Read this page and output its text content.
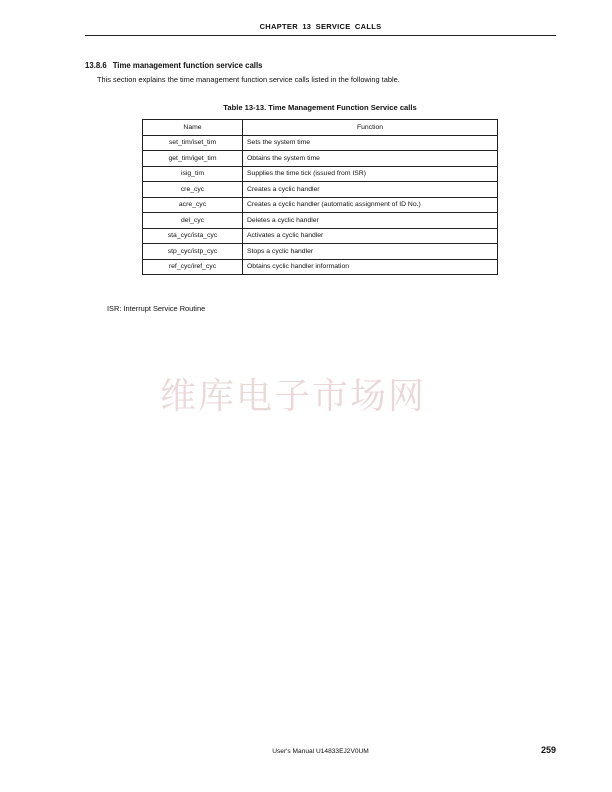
CHAPTER 13 SERVICE CALLS
13.8.6 Time management function service calls
This section explains the time management function service calls listed in the following table.
Table 13-13. Time Management Function Service calls
Name	Function
set_tim/iset_tim	Sets the system time
get_tim/iget_tim	Obtains the system time
isig_tim	Supplies the time tick (issued from ISR)
cre_cyc	Creates a cyclic handler
acre_cyc	Creates a cyclic handler (automatic assignment of ID No.)
del_cyc	Deletes a cyclic handler
sta_cyc/ista_cyc	Activates a cyclic handler
stp_cyc/istp_cyc	Stops a cyclic handler
ref_cyc/iref_cyc	Obtains cyclic handler information
ISR: Interrupt Service Routine
维库电子市场网
User's Manual U14833EJ2V0UM	259
